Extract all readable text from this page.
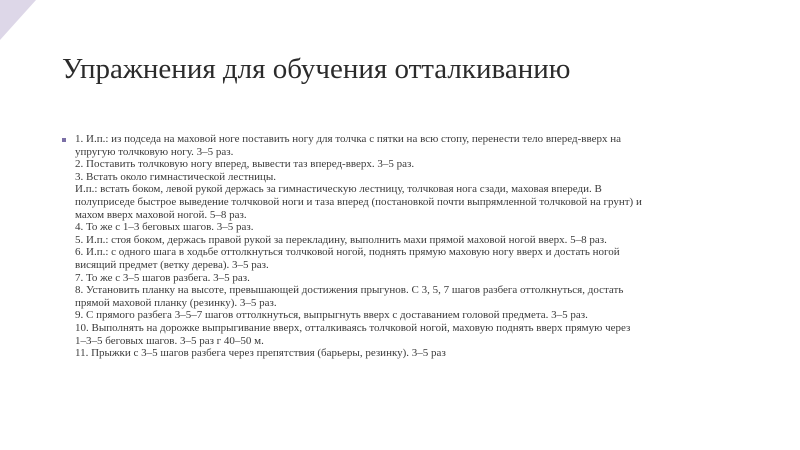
Упражнения для обучения отталкиванию
1. И.п.: из подседа на маховой ноге поставить ногу для толчка с пятки на всю стопу, перенести тело вперед-вверх на
упругую толчковую ногу. 3–5 раз.
2. Поставить толчковую ногу вперед, вывести таз вперед-вверх. 3–5 раз.
3. Встать около гимнастической лестницы.
И.п.: встать боком, левой рукой держась за гимнастическую лестницу, толчковая нога сзади, маховая впереди. В
полуприседе быстрое выведение толчковой ноги и таза вперед (постановкой почти выпрямленной толчковой на грунт) и
махом вверх маховой ногой. 5–8 раз.
4. То же с 1–3 беговых шагов. 3–5 раз.
5. И.п.: стоя боком, держась правой рукой за перекладину, выполнить махи прямой маховой ногой вверх. 5–8 раз.
6. И.п.: с одного шага в ходьбе оттолкнуться толчковой ногой, поднять прямую маховую ногу вверх и достать ногой
висящий предмет (ветку дерева). 3–5 раз.
7. То же с 3–5 шагов разбега. 3–5 раз.
8. Установить планку на высоте, превышающей достижения прыгунов. С 3, 5, 7 шагов разбега оттолкнуться, достать
прямой маховой планку (резинку). 3–5 раз.
9. С прямого разбега 3–5–7 шагов оттолкнуться, выпрыгнуть вверх с доставанием головой предмета. 3–5 раз.
10. Выполнять на дорожке выпрыгивание вверх, отталкиваясь толчковой ногой, маховую поднять вверх прямую через
1–3–5 беговых шагов. 3–5 раз г 40–50 м.
11. Прыжки с 3–5 шагов разбега через препятствия (барьеры, резинку). 3–5 раз
